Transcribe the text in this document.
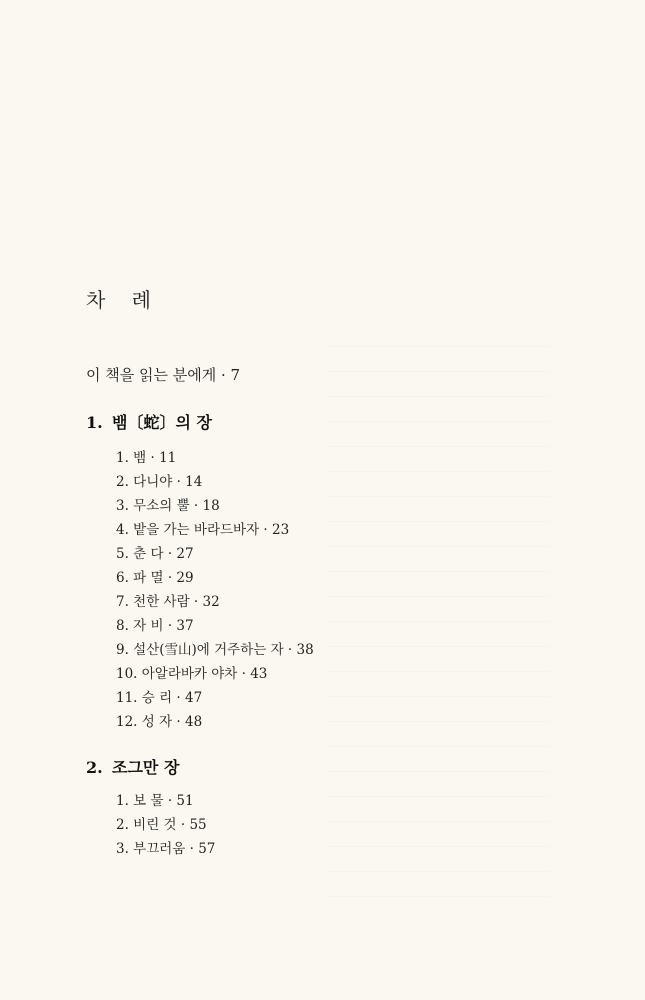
차 례
이 책을 읽는 분에게 · 7
1. 뱀〔蛇〕의 장
1. 뱀 · 11
2. 다니야 · 14
3. 무소의 뿔 · 18
4. 밭을 가는 바라드바자 · 23
5. 춘 다 · 27
6. 파 멸 · 29
7. 천한 사람 · 32
8. 자 비 · 37
9. 설산(雪山)에 거주하는 자 · 38
10. 아알라바카 야차 · 43
11. 승 리 · 47
12. 성 자 · 48
2. 조그만 장
1. 보 물 · 51
2. 비린 것 · 55
3. 부끄러움 · 57
